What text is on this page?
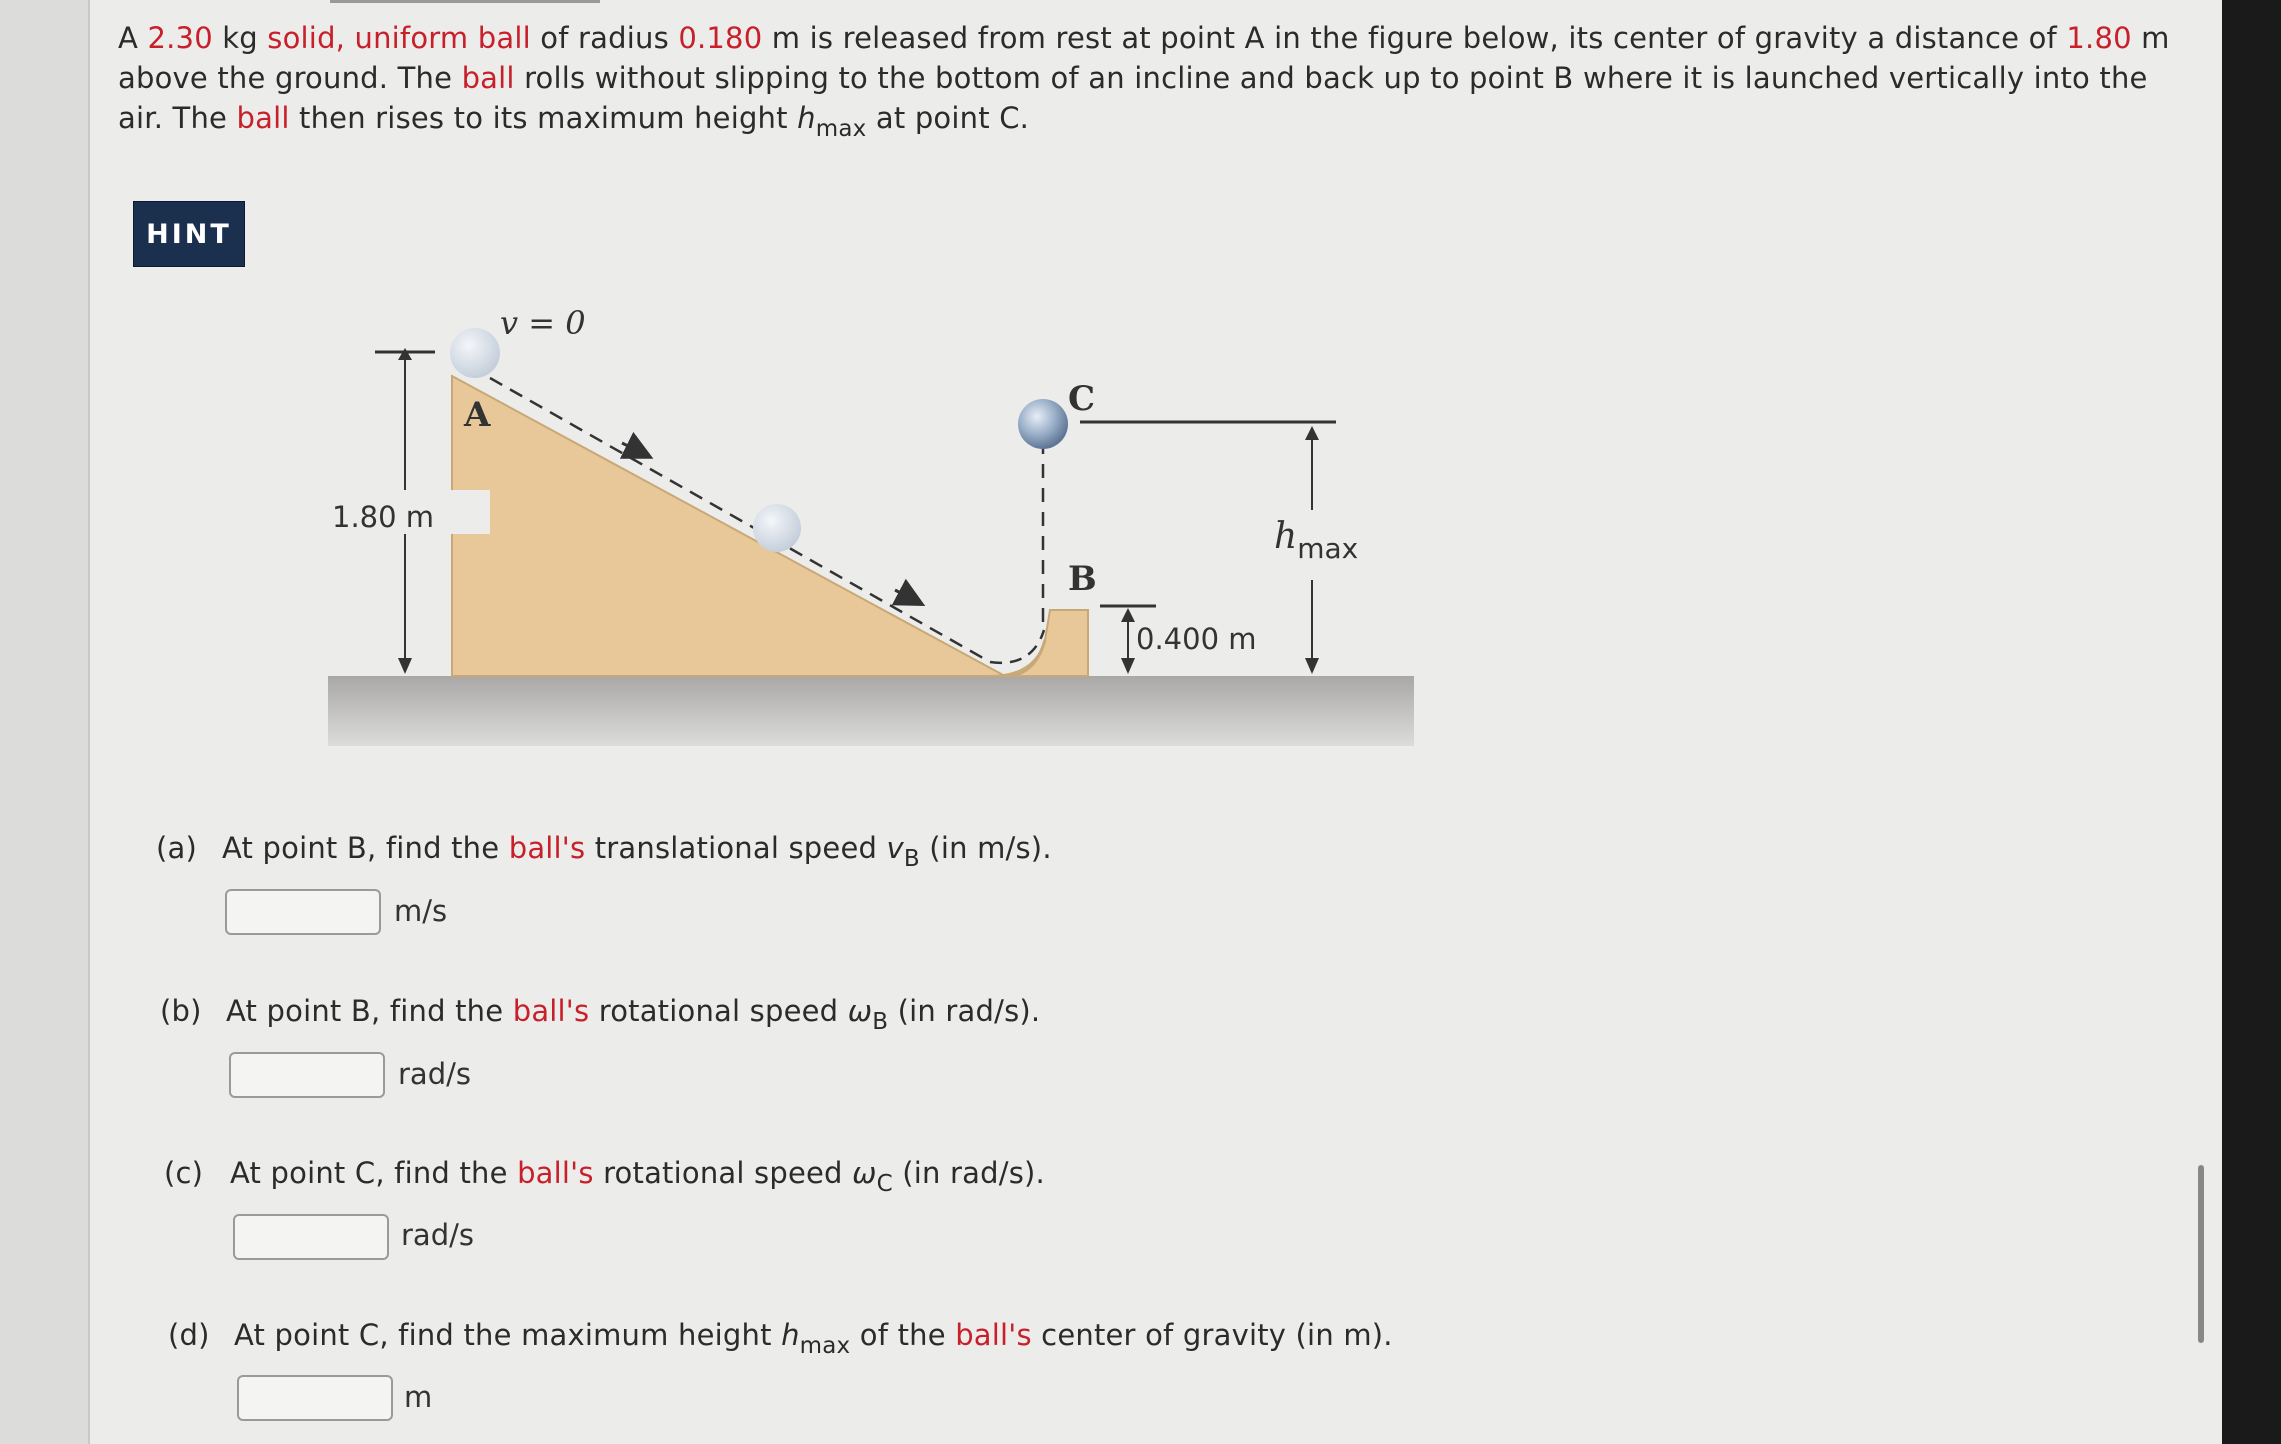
A 2.30 kg solid, uniform ball of radius 0.180 m is released from rest at point A in the figure below, its center of gravity a distance of 1.80 m above the ground. The ball rolls without slipping to the bottom of an incline and back up to point B where it is launched vertically into the air. The ball then rises to its maximum height $h_{max}$ at point C.
HINT
1.80 m
v = 0
A	C
B
$h_{max}$
0.400 m
(a) At point B, find the ball's translational speed $v_B$ (in m/s).
m/s
(b) At point B, find the ball's rotational speed $\omega_B$ (in rad/s).
rad/s
(c) At point C, find the ball's rotational speed $\omega_C$ (in rad/s).
rad/s
(d) At point C, find the maximum height $h_{max}$ of the ball's center of gravity (in m).
m
